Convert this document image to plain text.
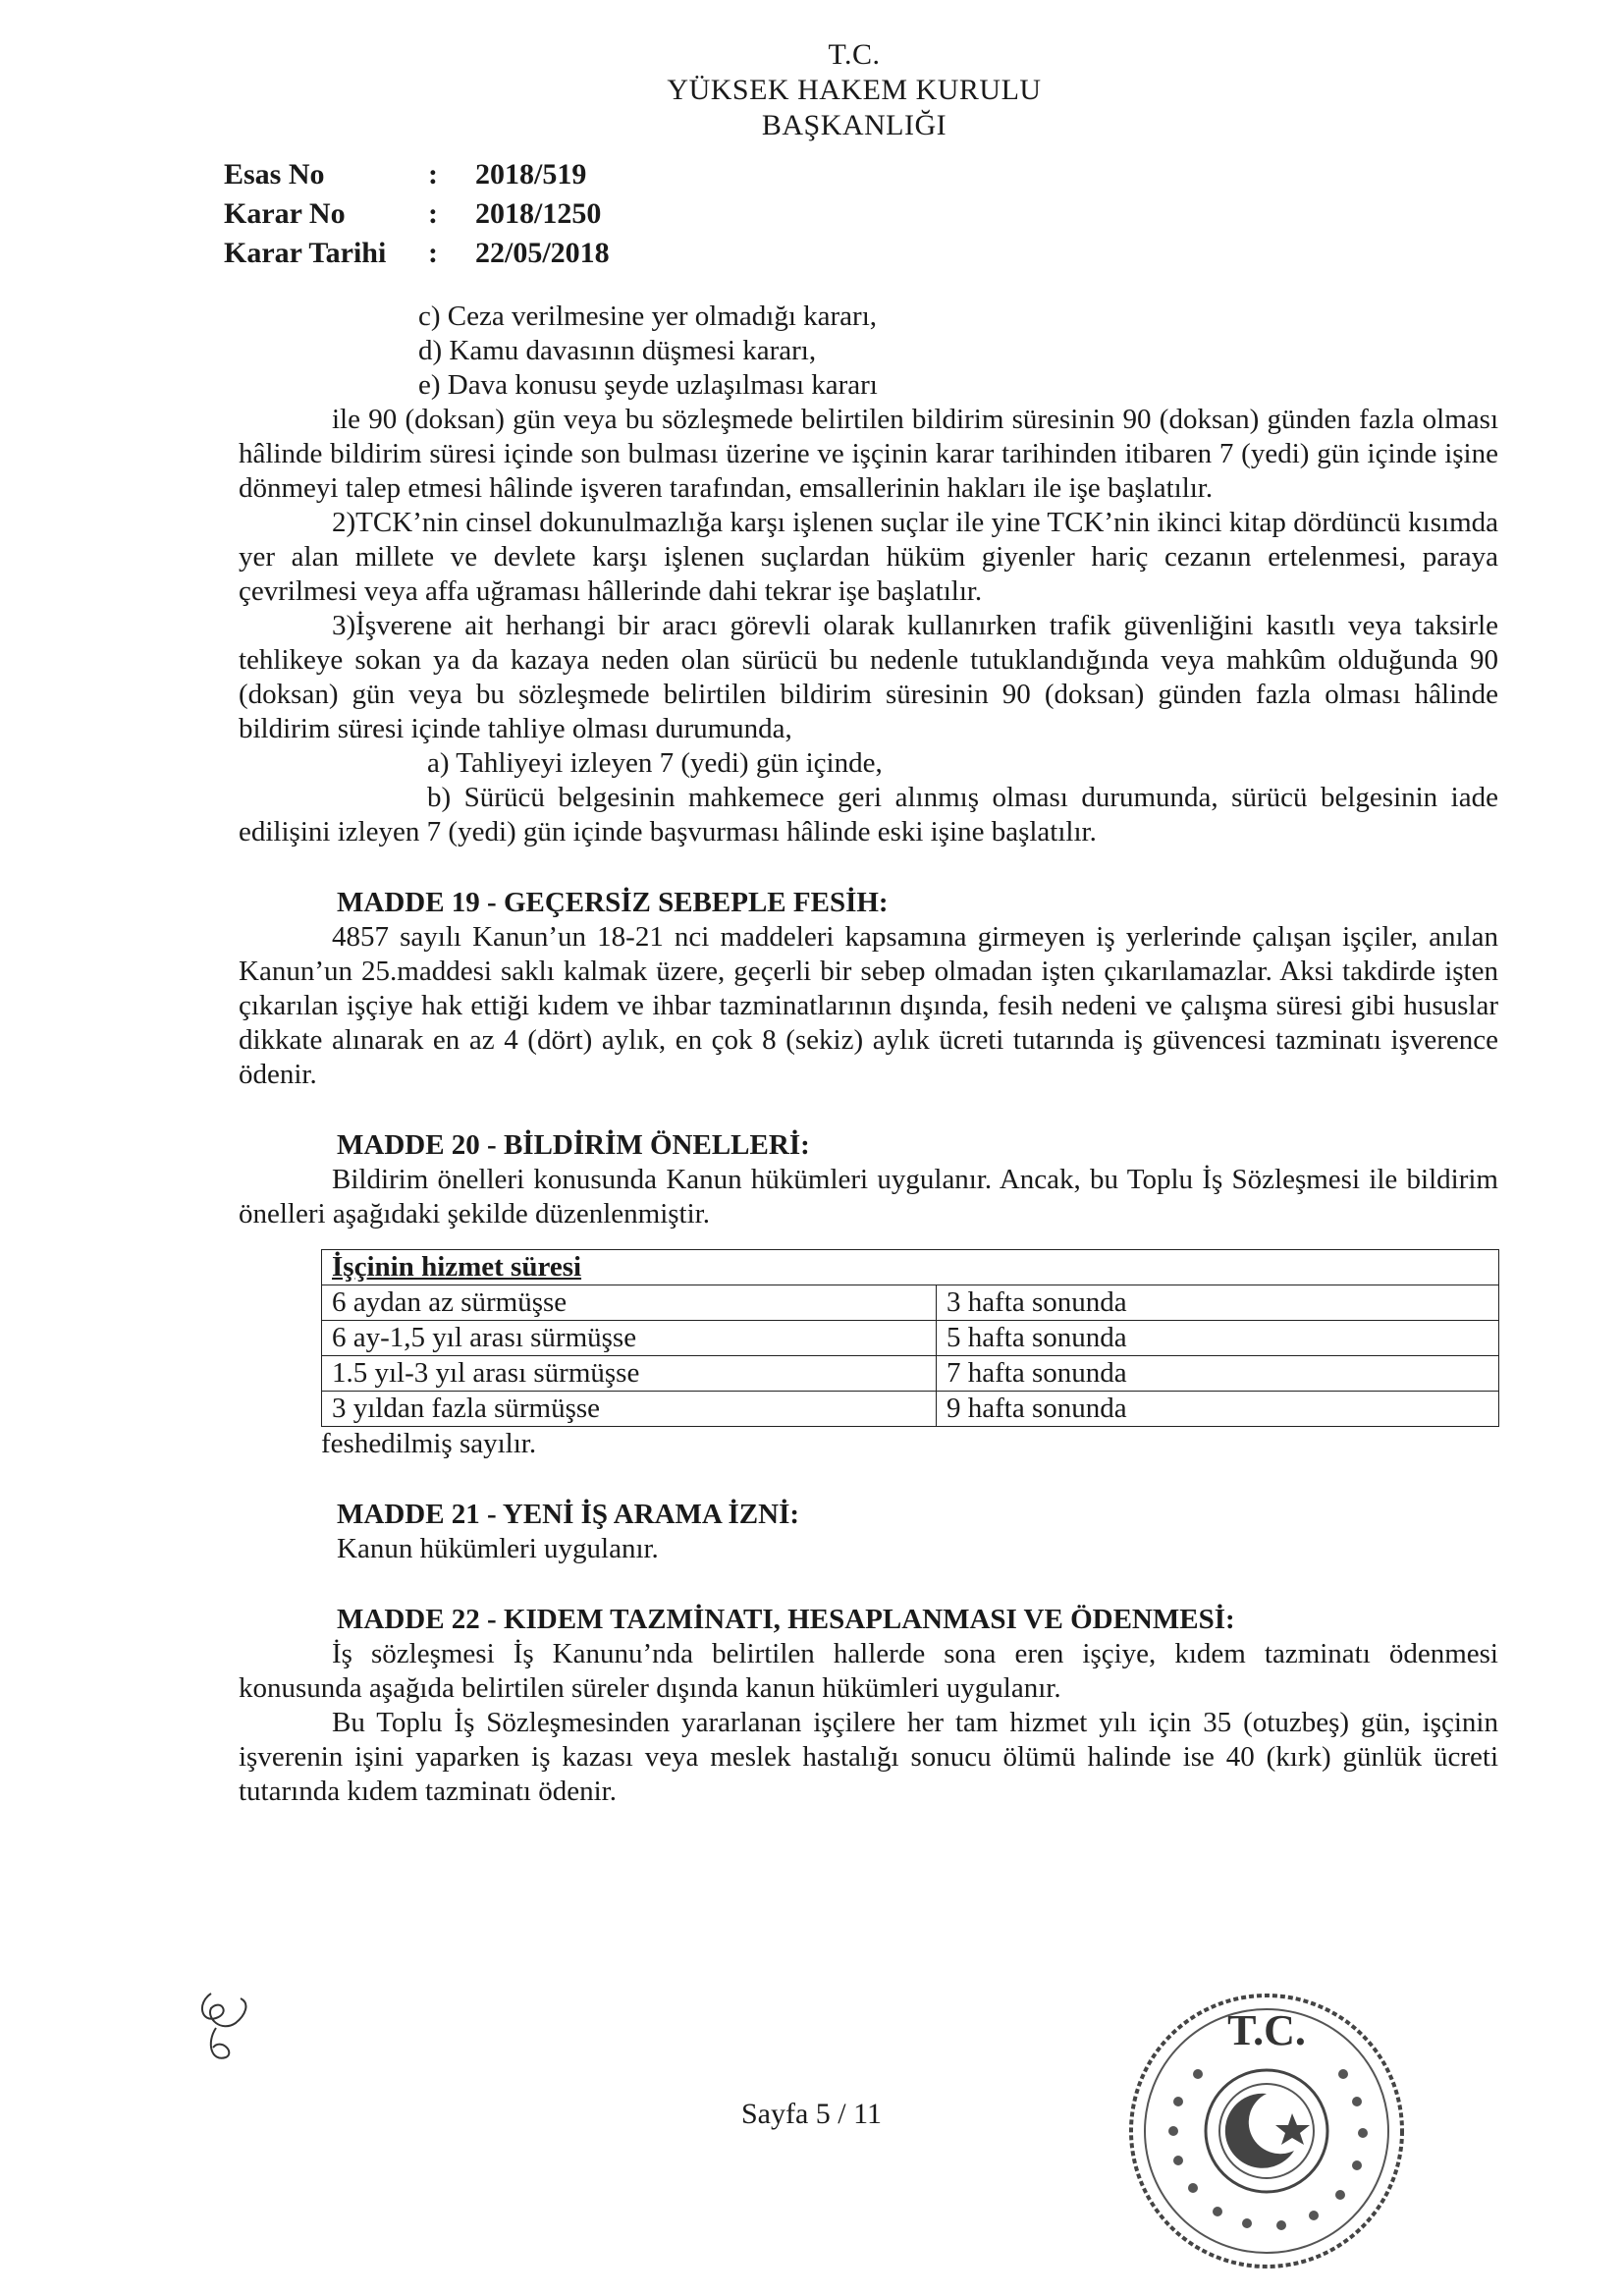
T.C.
YÜKSEK HAKEM KURULU
BAŞKANLIĞI
Esas No	:	2018/519
Karar No	:	2018/1250
Karar Tarihi	:	22/05/2018

c) Ceza verilmesine yer olmadığı kararı,

d) Kamu davasının düşmesi kararı,

e) Dava konusu şeyde uzlaşılması kararı

ile 90 (doksan) gün veya bu sözleşmede belirtilen bildirim süresinin 90 (doksan) günden fazla olması hâlinde bildirim süresi içinde son bulması üzerine ve işçinin karar tarihinden itibaren 7 (yedi) gün içinde işine dönmeyi talep etmesi hâlinde işveren tarafından, emsallerinin hakları ile işe başlatılır.

2)TCK’nin cinsel dokunulmazlığa karşı işlenen suçlar ile yine TCK’nin ikinci kitap dördüncü kısımda yer alan millete ve devlete karşı işlenen suçlardan hüküm giyenler hariç cezanın ertelenmesi, paraya çevrilmesi veya affa uğraması hâllerinde dahi tekrar işe başlatılır.

3)İşverene ait herhangi bir aracı görevli olarak kullanırken trafik güvenliğini kasıtlı veya taksirle tehlikeye sokan ya da kazaya neden olan sürücü bu nedenle tutuklandığında veya mahkûm olduğunda 90 (doksan) gün veya bu sözleşmede belirtilen bildirim süresinin 90 (doksan) günden fazla olması hâlinde bildirim süresi içinde tahliye olması durumunda,

a) Tahliyeyi izleyen 7 (yedi) gün içinde,

b) Sürücü belgesinin mahkemece geri alınmış olması durumunda, sürücü belgesinin iade edilişini izleyen 7 (yedi) gün içinde başvurması hâlinde eski işine başlatılır.

MADDE 19 - GEÇERSİZ SEBEPLE FESİH:

4857 sayılı Kanun’un 18-21 nci maddeleri kapsamına girmeyen iş yerlerinde çalışan işçiler, anılan Kanun’un 25.maddesi saklı kalmak üzere, geçerli bir sebep olmadan işten çıkarılamazlar. Aksi takdirde işten çıkarılan işçiye hak ettiği kıdem ve ihbar tazminatlarının dışında, fesih nedeni ve çalışma süresi gibi hususlar dikkate alınarak en az 4 (dört) aylık, en çok 8 (sekiz) aylık ücreti tutarında iş güvencesi tazminatı işverence ödenir.

MADDE 20 - BİLDİRİM ÖNELLERİ:

Bildirim önelleri konusunda Kanun hükümleri uygulanır. Ancak, bu Toplu İş Sözleşmesi ile bildirim önelleri aşağıdaki şekilde düzenlenmiştir.

İşçinin hizmet süresi	
6 aydan az sürmüşse	3 hafta sonunda
6 ay-1,5 yıl arası sürmüşse	5 hafta sonunda
1.5 yıl-3 yıl arası sürmüşse	7 hafta sonunda
3 yıldan fazla sürmüşse	9 hafta sonunda

feshedilmiş sayılır.

MADDE 21 - YENİ İŞ ARAMA İZNİ:

Kanun hükümleri uygulanır.

MADDE 22 - KIDEM TAZMİNATI, HESAPLANMASI VE ÖDENMESİ:

İş sözleşmesi İş Kanunu’nda belirtilen hallerde sona eren işçiye, kıdem tazminatı ödenmesi konusunda aşağıda belirtilen süreler dışında kanun hükümleri uygulanır.

Bu Toplu İş Sözleşmesinden yararlanan işçilere her tam hizmet yılı için 35 (otuzbeş) gün, işçinin işverenin işini yaparken iş kazası veya meslek hastalığı sonucu ölümü halinde ise 40 (kırk) günlük ücreti tutarında kıdem tazminatı ödenir.

T.C.
Sayfa 5 / 11
